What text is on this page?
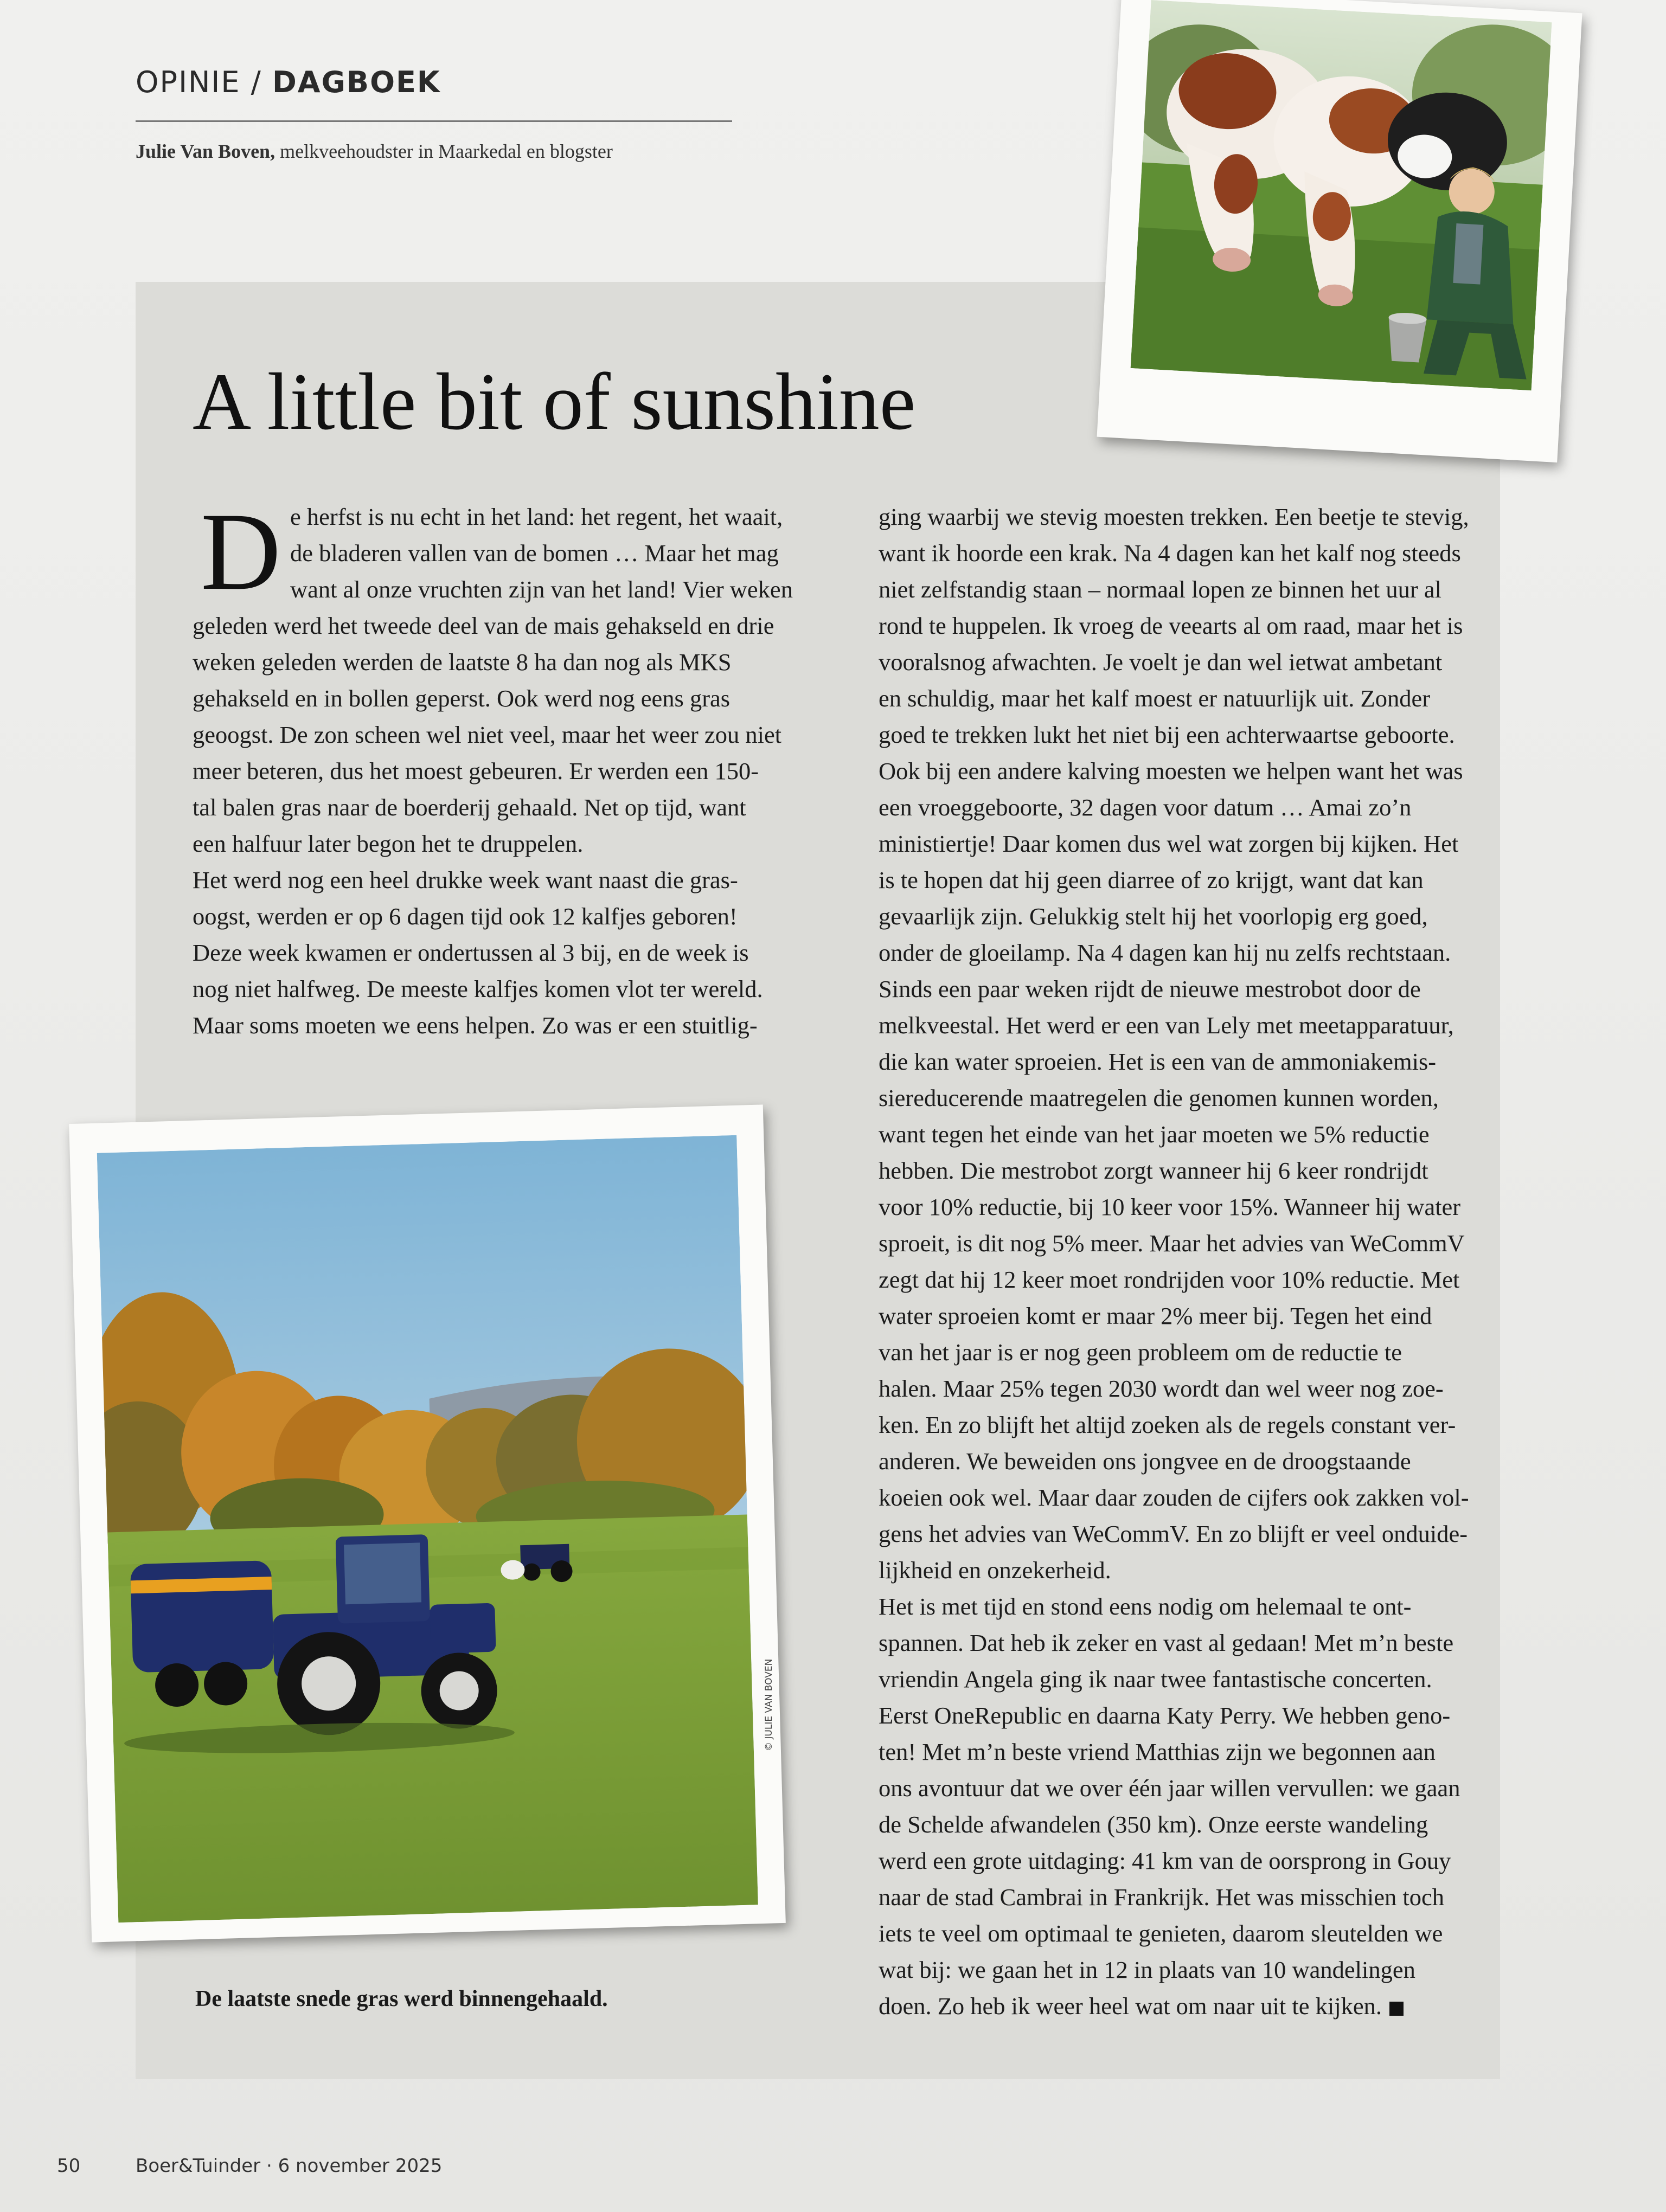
OPINIE / DAGBOEK
Julie Van Boven, melkveehoudster in Maarkedal en blogster
A little bit of sunshine
D e herfst is nu echt in het land: het regent, het waait,
de bladeren vallen van de bomen … Maar het mag
want al onze vruchten zijn van het land! Vier weken
geleden werd het tweede deel van de mais gehakseld en drie
weken geleden werden de laatste 8 ha dan nog als MKS
gehakseld en in bollen geperst. Ook werd nog eens gras
geoogst. De zon scheen wel niet veel, maar het weer zou niet
meer beteren, dus het moest gebeuren. Er werden een 150-
tal balen gras naar de boerderij gehaald. Net op tijd, want
een halfuur later begon het te druppelen.
Het werd nog een heel drukke week want naast die gras-
oogst, werden er op 6 dagen tijd ook 12 kalfjes geboren!
Deze week kwamen er ondertussen al 3 bij, en de week is
nog niet halfweg. De meeste kalfjes komen vlot ter wereld.
Maar soms moeten we eens helpen. Zo was er een stuitlig-
ging waarbij we stevig moesten trekken. Een beetje te stevig,
want ik hoorde een krak. Na 4 dagen kan het kalf nog steeds
niet zelfstandig staan – normaal lopen ze binnen het uur al
rond te huppelen. Ik vroeg de veearts al om raad, maar het is
vooralsnog afwachten. Je voelt je dan wel ietwat ambetant
en schuldig, maar het kalf moest er natuurlijk uit. Zonder
goed te trekken lukt het niet bij een achterwaartse geboorte.
Ook bij een andere kalving moesten we helpen want het was
een vroeggeboorte, 32 dagen voor datum … Amai zo’n
ministiertje! Daar komen dus wel wat zorgen bij kijken. Het
is te hopen dat hij geen diarree of zo krijgt, want dat kan
gevaarlijk zijn. Gelukkig stelt hij het voorlopig erg goed,
onder de gloeilamp. Na 4 dagen kan hij nu zelfs rechtstaan.
Sinds een paar weken rijdt de nieuwe mestrobot door de
melkveestal. Het werd er een van Lely met meetapparatuur,
die kan water sproeien. Het is een van de ammoniakemis-
siereducerende maatregelen die genomen kunnen worden,
want tegen het einde van het jaar moeten we 5% reductie
hebben. Die mestrobot zorgt wanneer hij 6 keer rondrijdt
voor 10% reductie, bij 10 keer voor 15%. Wanneer hij water
sproeit, is dit nog 5% meer. Maar het advies van WeCommV
zegt dat hij 12 keer moet rondrijden voor 10% reductie. Met
water sproeien komt er maar 2% meer bij. Tegen het eind
van het jaar is er nog geen probleem om de reductie te
halen. Maar 25% tegen 2030 wordt dan wel weer nog zoe-
ken. En zo blijft het altijd zoeken als de regels constant ver-
anderen. We beweiden ons jongvee en de droogstaande
koeien ook wel. Maar daar zouden de cijfers ook zakken vol-
gens het advies van WeCommV. En zo blijft er veel onduide-
lijkheid en onzekerheid.
Het is met tijd en stond eens nodig om helemaal te ont-
spannen. Dat heb ik zeker en vast al gedaan! Met m’n beste
vriendin Angela ging ik naar twee fantastische concerten.
Eerst OneRepublic en daarna Katy Perry. We hebben geno-
ten! Met m’n beste vriend Matthias zijn we begonnen aan
ons avontuur dat we over één jaar willen vervullen: we gaan
de Schelde afwandelen (350 km). Onze eerste wandeling
werd een grote uitdaging: 41 km van de oorsprong in Gouy
naar de stad Cambrai in Frankrijk. Het was misschien toch
iets te veel om optimaal te genieten, daarom sleutelden we
wat bij: we gaan het in 12 in plaats van 10 wandelingen
doen. Zo heb ik weer heel wat om naar uit te kijken.
De laatste snede gras werd binnengehaald.
50	Boer&Tuinder · 6 november 2025
